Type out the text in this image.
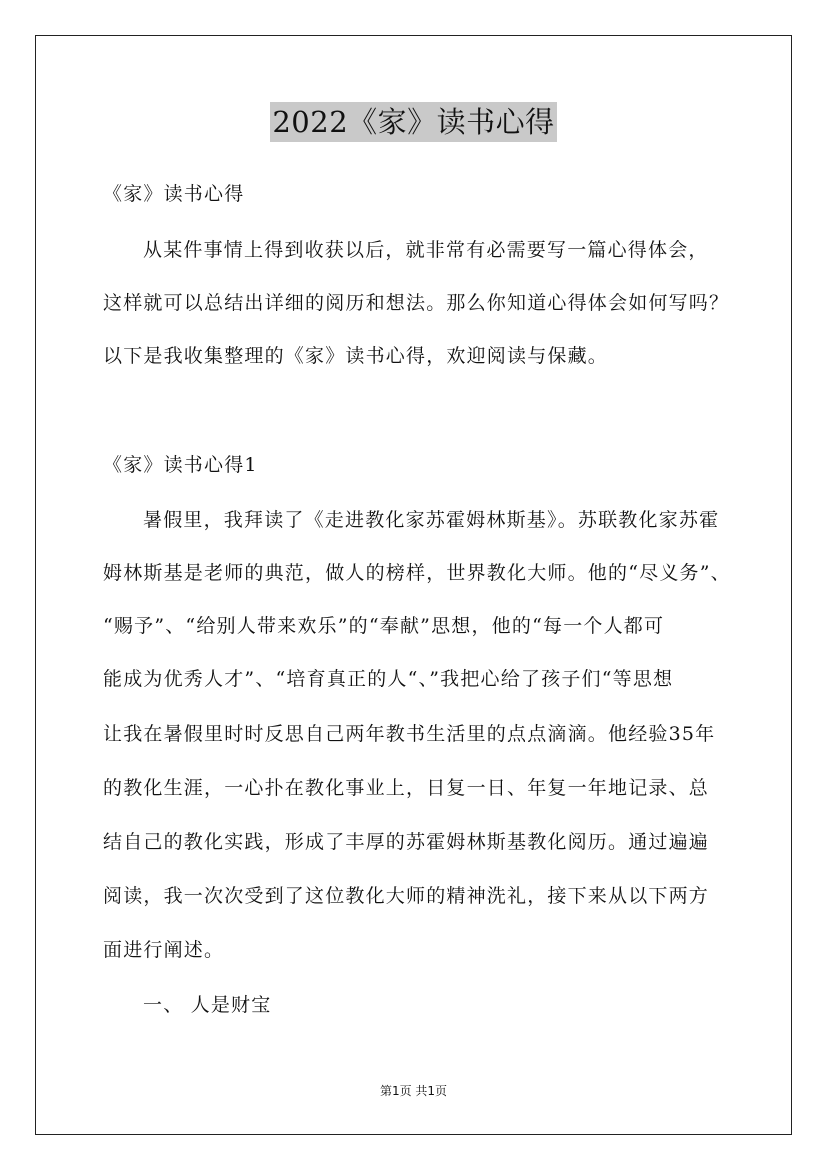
2022《家》读书心得
《家》读书心得
从某件事情上得到收获以后，就非常有必需要写一篇心得体会，
这样就可以总结出详细的阅历和想法。那么你知道心得体会如何写吗？
以下是我收集整理的《家》读书心得，欢迎阅读与保藏。
《家》读书心得1
暑假里，我拜读了《走进教化家苏霍姆林斯基》。苏联教化家苏霍
姆林斯基是老师的典范，做人的榜样，世界教化大师。他的“尽义务”、
“赐予”、“给别人带来欢乐”的“奉献”思想，他的“每一个人都可
能成为优秀人才”、“培育真正的人“、”我把心给了孩子们“等思想
让我在暑假里时时反思自己两年教书生活里的点点滴滴。他经验35年
的教化生涯，一心扑在教化事业上，日复一日、年复一年地记录、总
结自己的教化实践，形成了丰厚的苏霍姆林斯基教化阅历。通过遍遍
阅读，我一次次受到了这位教化大师的精神洗礼，接下来从以下两方
面进行阐述。
一、 人是财宝
第1页 共1页
